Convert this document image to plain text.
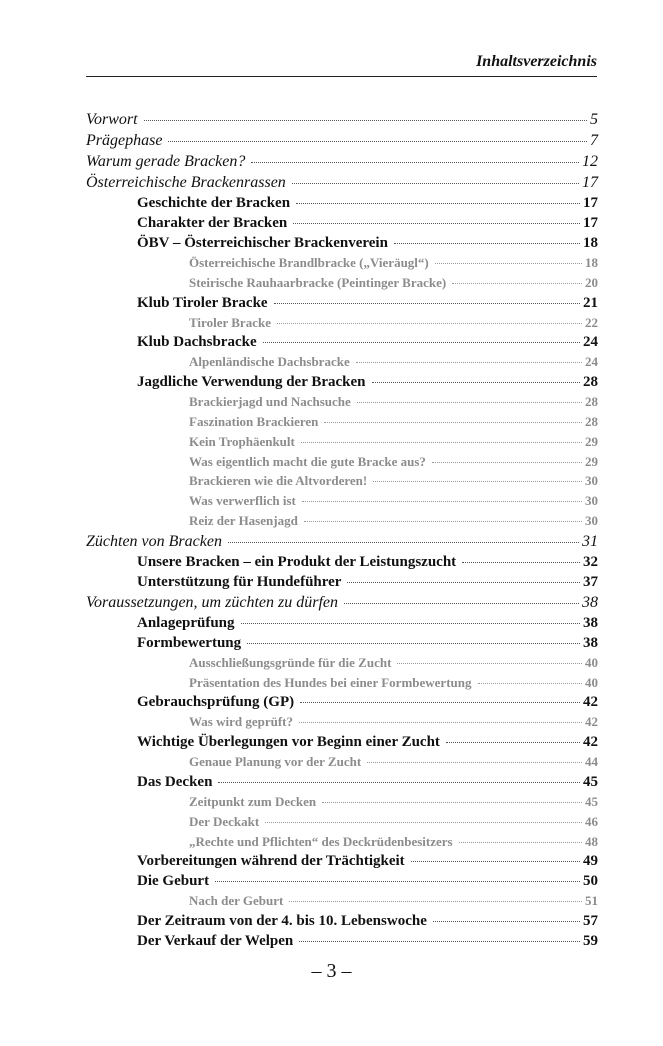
Inhaltsverzeichnis
Vorwort	5
Prägephase	7
Warum gerade Bracken?	12
Österreichische Brackenrassen	17
Geschichte der Bracken	17
Charakter der Bracken	17
ÖBV – Österreichischer Brackenverein	18
Österreichische Brandlbracke („Vieräugl“)	18
Steirische Rauhaarbracke (Peintinger Bracke)	20
Klub Tiroler Bracke	21
Tiroler Bracke	22
Klub Dachsbracke	24
Alpenländische Dachsbracke	24
Jagdliche Verwendung der Bracken	28
Brackierjagd und Nachsuche	28
Faszination Brackieren	28
Kein Trophäenkult	29
Was eigentlich macht die gute Bracke aus?	29
Brackieren wie die Altvorderen!	30
Was verwerflich ist	30
Reiz der Hasenjagd	30
Züchten von Bracken	31
Unsere Bracken – ein Produkt der Leistungszucht	32
Unterstützung für Hundeführer	37
Voraussetzungen, um züchten zu dürfen	38
Anlageprüfung	38
Formbewertung	38
Ausschließungsgründe für die Zucht	40
Präsentation des Hundes bei einer Formbewertung	40
Gebrauchsprüfung (GP)	42
Was wird geprüft?	42
Wichtige Überlegungen vor Beginn einer Zucht	42
Genaue Planung vor der Zucht	44
Das Decken	45
Zeitpunkt zum Decken	45
Der Deckakt	46
„Rechte und Pflichten“ des Deckrüdenbesitzers	48
Vorbereitungen während der Trächtigkeit	49
Die Geburt	50
Nach der Geburt	51
Der Zeitraum von der 4. bis 10. Lebenswoche	57
Der Verkauf der Welpen	59
– 3 –
